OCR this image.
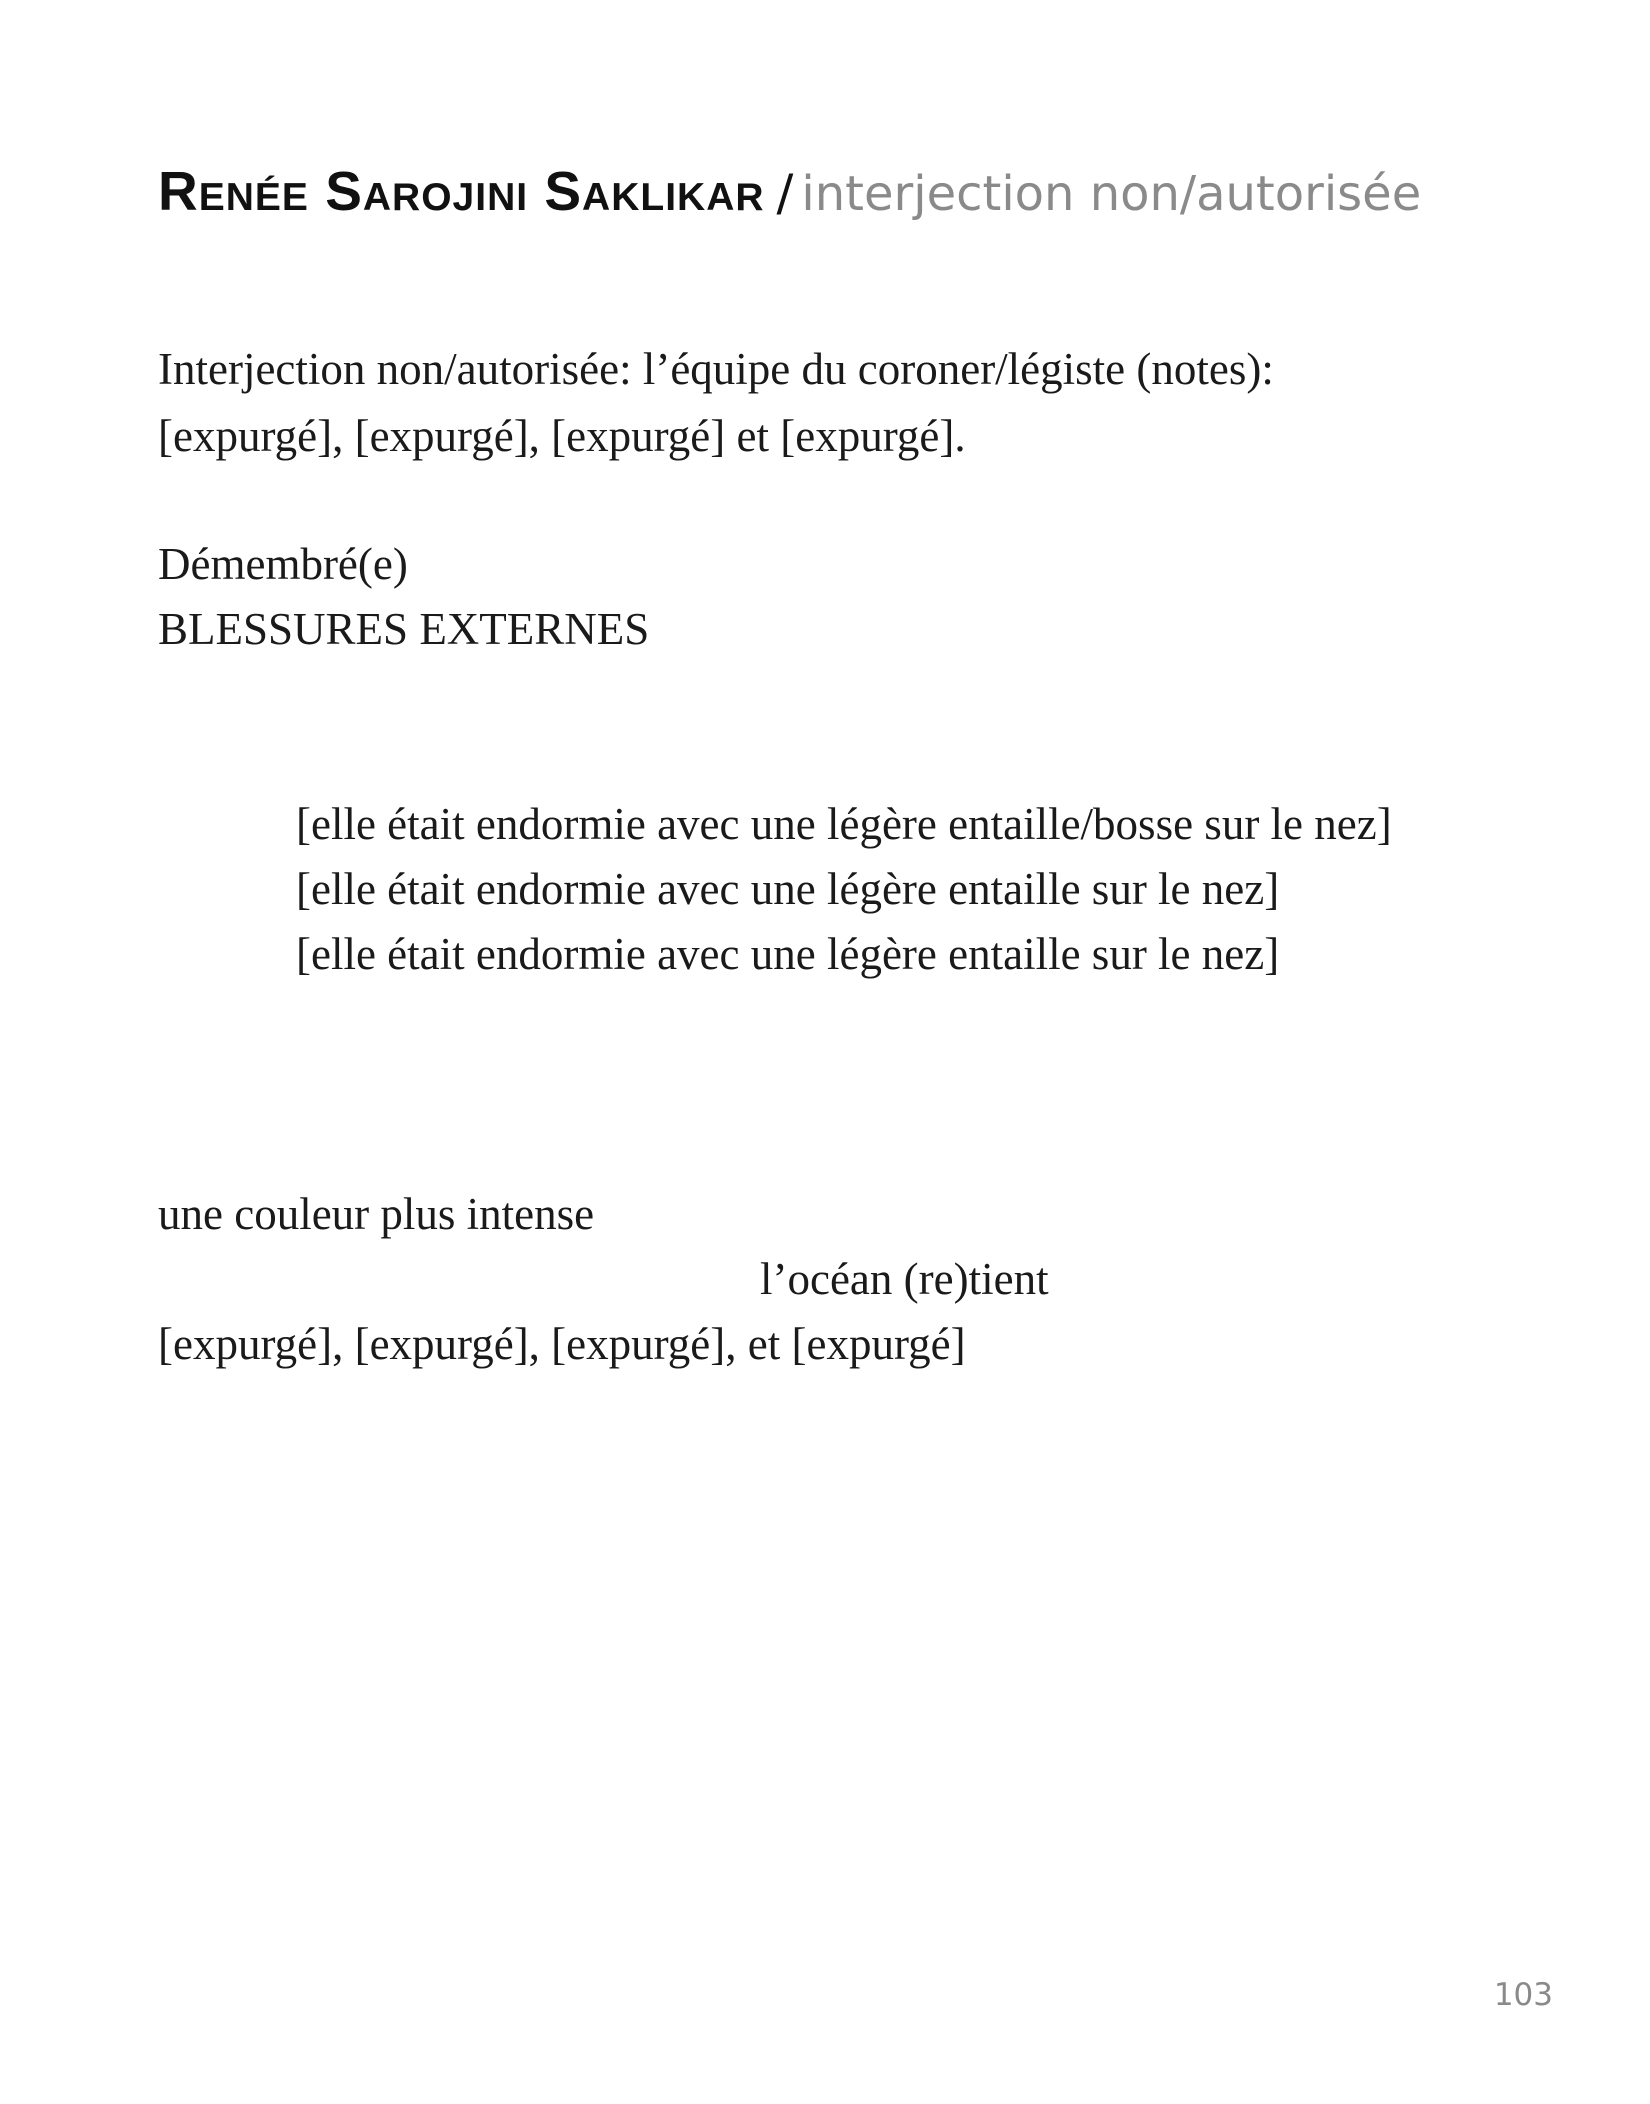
Renée Sarojini Saklikar / interjection non/autorisée
Interjection non/autorisée: l’équipe du coroner/légiste (notes):
[expurgé], [expurgé], [expurgé] et [expurgé].
Démembré(e)
BLESSURES EXTERNES
[elle était endormie avec une légère entaille/bosse sur le nez]
[elle était endormie avec une légère entaille sur le nez]
[elle était endormie avec une légère entaille sur le nez]
une couleur plus intense
l’océan (re)tient
[expurgé], [expurgé], [expurgé], et [expurgé]
103
